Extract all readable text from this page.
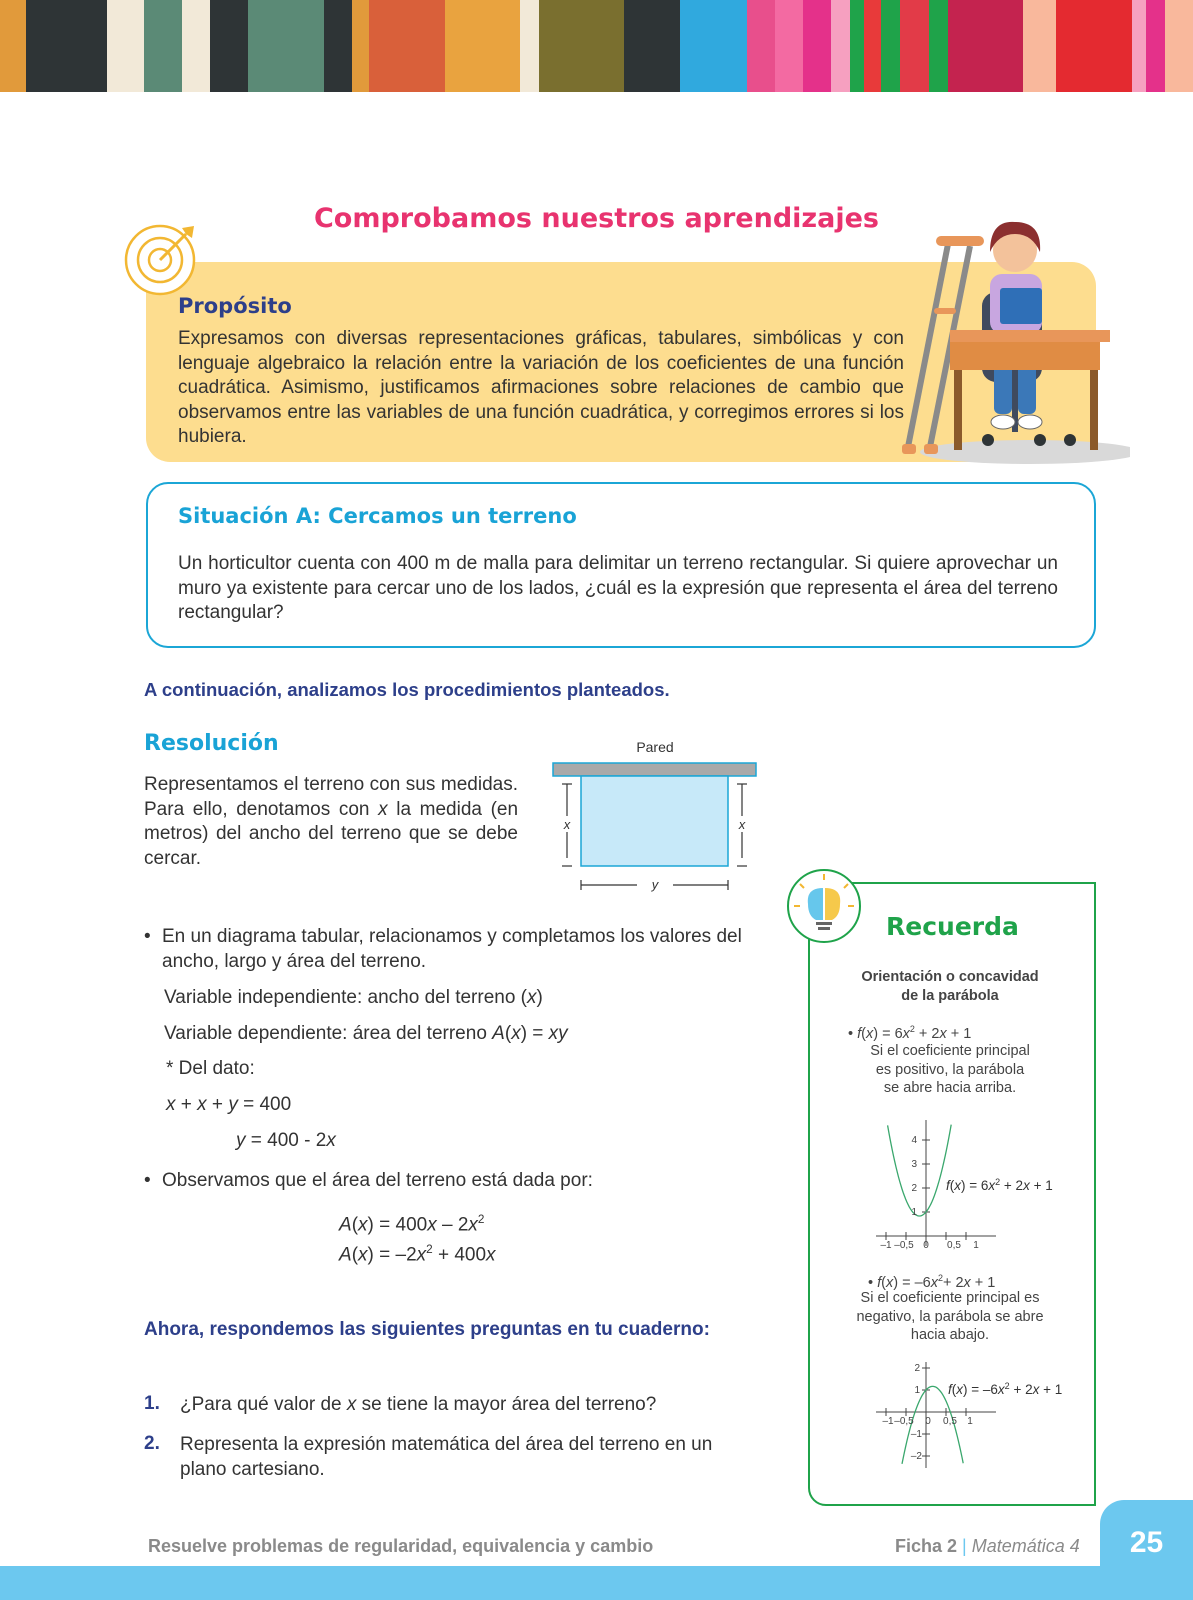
Comprobamos nuestros aprendizajes
Propósito
Expresamos con diversas representaciones gráficas, tabulares, simbólicas y con lenguaje algebraico la relación entre la variación de los coeficientes de una función cuadrática. Asimismo, justificamos afirmaciones sobre relaciones de cambio que observamos entre las variables de una función cuadrática, y corregimos errores si los hubiera.
Situación A: Cercamos un terreno
Un horticultor cuenta con 400 m de malla para delimitar un terreno rectangular. Si quiere aprovechar un muro ya existente para cercar uno de los lados, ¿cuál es la expresión que representa el área del terreno rectangular?
A continuación, analizamos los procedimientos planteados.
Resolución
Representamos el terreno con sus medidas. Para ello, denotamos con x la medida (en metros) del ancho del terreno que se debe cercar.
Pared
x	x
y
• En un diagrama tabular, relacionamos y completamos los valores del ancho, largo y área del terreno.
Variable independiente: ancho del terreno (x)
Variable dependiente: área del terreno A(x) = xy
* Del dato:
x + x + y = 400
y = 400 - 2x
• Observamos que el área del terreno está dada por:
$A(x) = 400x - 2x^2$
$A(x) = -2x^2 + 400x$
Ahora, respondemos las siguientes preguntas en tu cuaderno:
1. ¿Para qué valor de x se tiene la mayor área del terreno?
2. Representa la expresión matemática del área del terreno en un plano cartesiano.
Recuerda
Orientación o concavidad
de la parábola
• $f(x) = 6x^2 + 2x + 1$
Si el coeficiente principal
es positivo, la parábola
se abre hacia arriba.
1
2
3
4
–1 –0,5 0 0,5 1
$f(x) = 6x^2 + 2x + 1$
• $f(x) = -6x^2+ 2x + 1$
Si el coeficiente principal es
negativo, la parábola se abre
hacia abajo.
2
1
–1
–2
–1 –0,5 0 0,5 1
$f(x) = -6x^2 + 2x + 1$
25
Resuelve problemas de regularidad, equivalencia y cambio	Ficha 2 | Matemática 4
